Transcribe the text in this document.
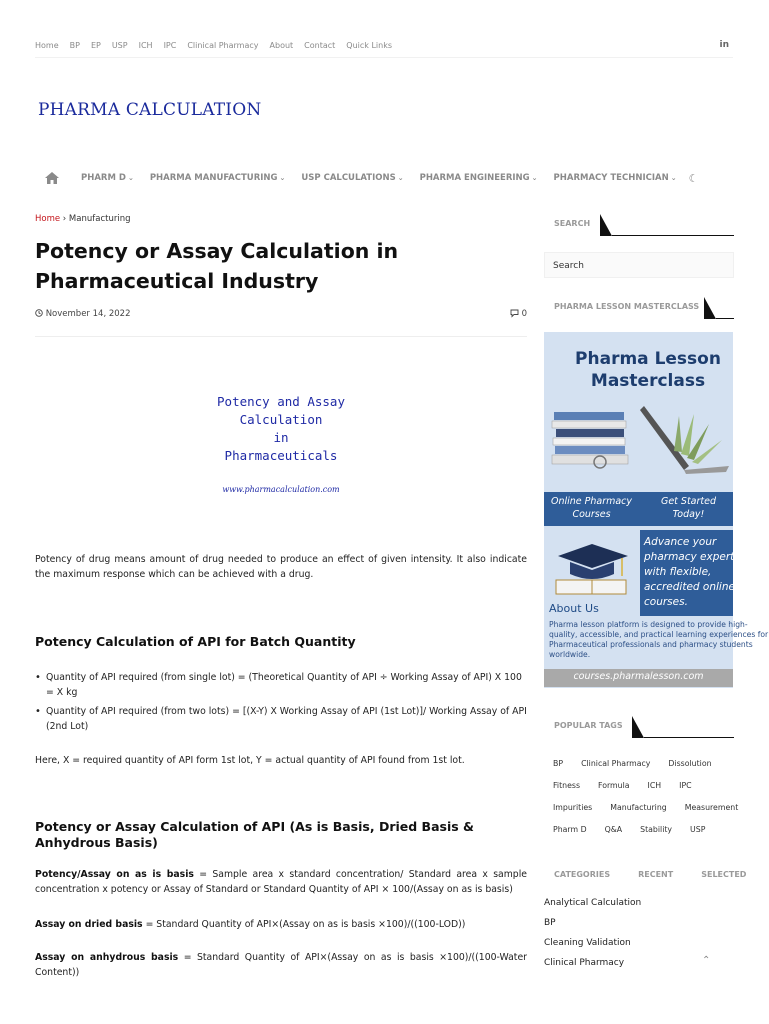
Home BP EP USP ICH IPC Clinical Pharmacy About Contact Quick Links	in
PHARMA CALCULATION
PHARM D ⌄ PHARMA MANUFACTURING ⌄ USP CALCULATIONS ⌄ PHARMA ENGINEERING ⌄ PHARMACY TECHNICIAN ⌄ ☾
Home › Manufacturing
Potency or Assay Calculation in Pharmaceutical Industry
November 14, 2022	0
Potency and Assay
Calculation
in
Pharmaceuticals
www.pharmacalculation.com

Potency of drug means amount of drug needed to produce an effect of given intensity. It also indicate the maximum response which can be achieved with a drug.

Potency Calculation of API for Batch Quantity
• Quantity of API required (from single lot) = (Theoretical Quantity of API ÷ Working Assay of API) X 100 = X kg
• Quantity of API required (from two lots) = [(X-Y) X Working Assay of API (1st Lot)]/ Working Assay of API (2nd Lot)

Here, X = required quantity of API form 1st lot, Y = actual quantity of API found from 1st lot.

Potency or Assay Calculation of API (As is Basis, Dried Basis & Anhydrous Basis)

Potency/Assay on as is basis = Sample area x standard concentration/ Standard area x sample concentration x potency or Assay of Standard or Standard Quantity of API × 100/(Assay on as is basis)

Assay on dried basis = Standard Quantity of API×(Assay on as is basis ×100)/((100-LOD))

Assay on anhydrous basis = Standard Quantity of API×(Assay on as is basis ×100)/((100-Water Content))

SEARCH
Search
PHARMA LESSON MASTERCLASS
Pharma Lesson
Masterclass
Online Pharmacy Courses
Get Started Today!
Advance your pharmacy expertise with flexible, accredited online courses.
About Us
Pharma lesson platform is designed to provide high-quality, accessible, and practical learning experiences for Pharmaceutical professionals and pharmacy students worldwide.
courses.pharmalesson.com
POPULAR TAGS
BP	Clinical Pharmacy	Dissolution
Fitness	Formula	ICH	IPC
Impurities	Manufacturing	Measurement
Pharm D	Q&A	Stability	USP
CATEGORIES	RECENT	SELECTED
Analytical Calculation
BP
Cleaning Validation
Clinical Pharmacy	⌃
